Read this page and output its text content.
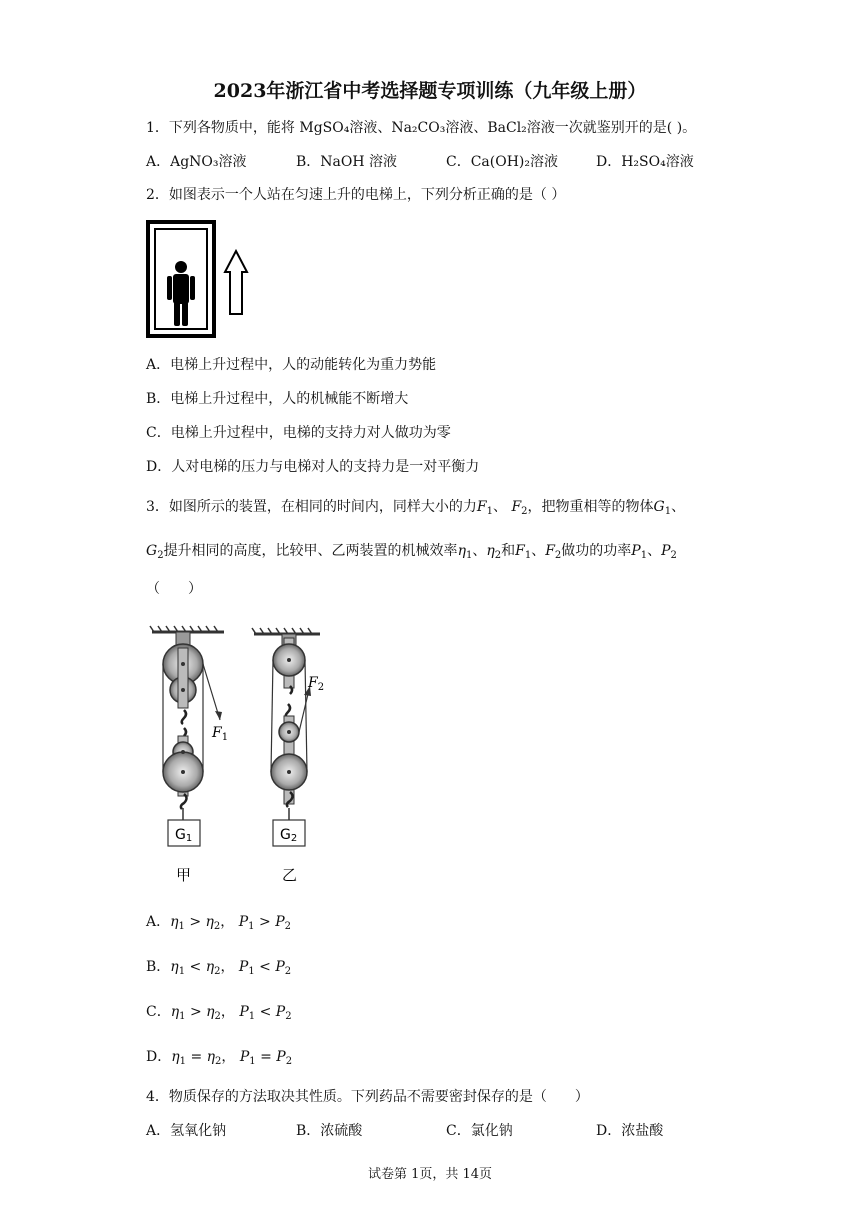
2023年浙江省中考选择题专项训练（九年级上册）
1．下列各物质中，能将 MgSO₄溶液、Na₂CO₃溶液、BaCl₂溶液一次就鉴别开的是( )。
A．AgNO₃溶液	B．NaOH 溶液	C．Ca(OH)₂溶液	D．H₂SO₄溶液
2．如图表示一个人站在匀速上升的电梯上，下列分析正确的是（ ）
A．电梯上升过程中，人的动能转化为重力势能
B．电梯上升过程中，人的机械能不断增大
C．电梯上升过程中，电梯的支持力对人做功为零
D．人对电梯的压力与电梯对人的支持力是一对平衡力
3．如图所示的装置，在相同的时间内，同样大小的力$F_1$、 $F_2$，把物重相等的物体$G_1$、
$G_2$提升相同的高度，比较甲、乙两装置的机械效率$\eta_1$、$\eta_2$和$F_1$、$F_2$做功的功率$P_1$、$P_2$
（　　）
G1	G2
$F_1$
$F_2$
甲	乙
A．$\eta_1 > \eta_2$， $P_1 > P_2$
B．$\eta_1 < \eta_2$， $P_1 < P_2$
C．$\eta_1 > \eta_2$， $P_1 < P_2$
D．$\eta_1 = \eta_2$， $P_1 = P_2$
4．物质保存的方法取决其性质。下列药品不需要密封保存的是（　　）
A．氢氧化钠	B．浓硫酸	C．氯化钠	D．浓盐酸
试卷第 1页，共 14页
